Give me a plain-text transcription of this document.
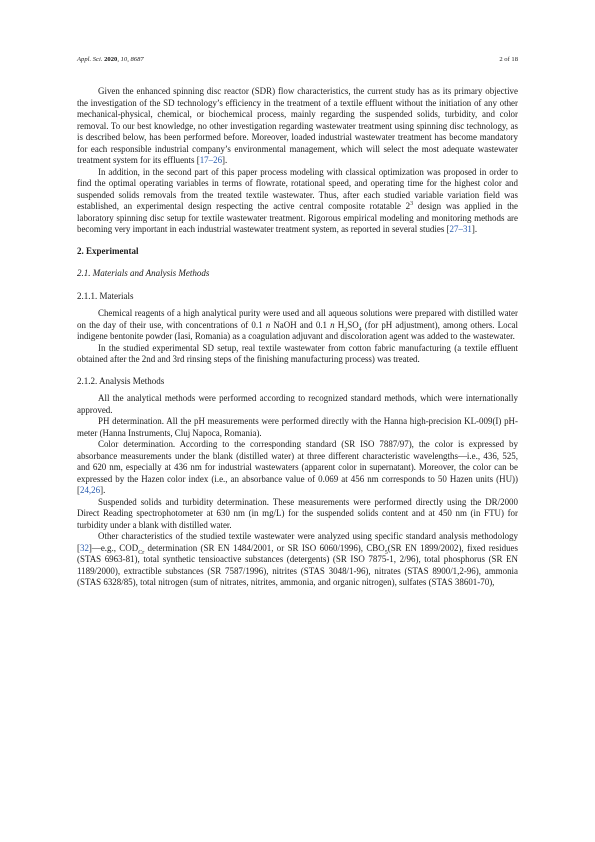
Appl. Sci. 2020, 10, 8687	2 of 18

Given the enhanced spinning disc reactor (SDR) flow characteristics, the current study has as its primary objective the investigation of the SD technology’s efficiency in the treatment of a textile effluent without the initiation of any other mechanical-physical, chemical, or biochemical process, mainly regarding the suspended solids, turbidity, and color removal. To our best knowledge, no other investigation regarding wastewater treatment using spinning disc technology, as is described below, has been performed before. Moreover, loaded industrial wastewater treatment has become mandatory for each responsible industrial company’s environmental management, which will select the most adequate wastewater treatment system for its effluents [17–26].

In addition, in the second part of this paper process modeling with classical optimization was proposed in order to find the optimal operating variables in terms of flowrate, rotational speed, and operating time for the highest color and suspended solids removals from the treated textile wastewater. Thus, after each studied variable variation field was established, an experimental design respecting the active central composite rotatable $2^3$ design was applied in the laboratory spinning disc setup for textile wastewater treatment. Rigorous empirical modeling and monitoring methods are becoming very important in each industrial wastewater treatment system, as reported in several studies [27–31].

2. Experimental
2.1. Materials and Analysis Methods
2.1.1. Materials

Chemical reagents of a high analytical purity were used and all aqueous solutions were prepared with distilled water on the day of their use, with concentrations of 0.1 n NaOH and 0.1 n $H_2SO_4$ (for pH adjustment), among others. Local indigene bentonite powder (Iasi, Romania) as a coagulation adjuvant and discoloration agent was added to the wastewater.

In the studied experimental SD setup, real textile wastewater from cotton fabric manufacturing (a textile effluent obtained after the 2nd and 3rd rinsing steps of the finishing manufacturing process) was treated.

2.1.2. Analysis Methods

All the analytical methods were performed according to recognized standard methods, which were internationally approved.

PH determination. All the pH measurements were performed directly with the Hanna high-precision KL-009(I) pH-meter (Hanna Instruments, Cluj Napoca, Romania).

Color determination. According to the corresponding standard (SR ISO 7887/97), the color is expressed by absorbance measurements under the blank (distilled water) at three different characteristic wavelengths—i.e., 436, 525, and 620 nm, especially at 436 nm for industrial wastewaters (apparent color in supernatant). Moreover, the color can be expressed by the Hazen color index (i.e., an absorbance value of 0.069 at 456 nm corresponds to 50 Hazen units (HU)) [24,26].

Suspended solids and turbidity determination. These measurements were performed directly using the DR/2000 Direct Reading spectrophotometer at 630 nm (in mg/L) for the suspended solids content and at 450 nm (in FTU) for turbidity under a blank with distilled water.

Other characteristics of the studied textile wastewater were analyzed using specific standard analysis methodology [32]—e.g., $COD_{Cr}$ determination (SR EN 1484/2001, or SR ISO 6060/1996), $CBO_5(SR$ EN 1899/2002), fixed residues (STAS 6963-81), total synthetic tensioactive substances (detergents) (SR ISO 7875-1, 2/96), total phosphorus (SR EN 1189/2000), extractible substances (SR 7587/1996), nitrites (STAS 3048/1-96), nitrates (STAS 8900/1,2-96), ammonia (STAS 6328/85), total nitrogen (sum of nitrates, nitrites, ammonia, and organic nitrogen), sulfates (STAS 38601-70),
